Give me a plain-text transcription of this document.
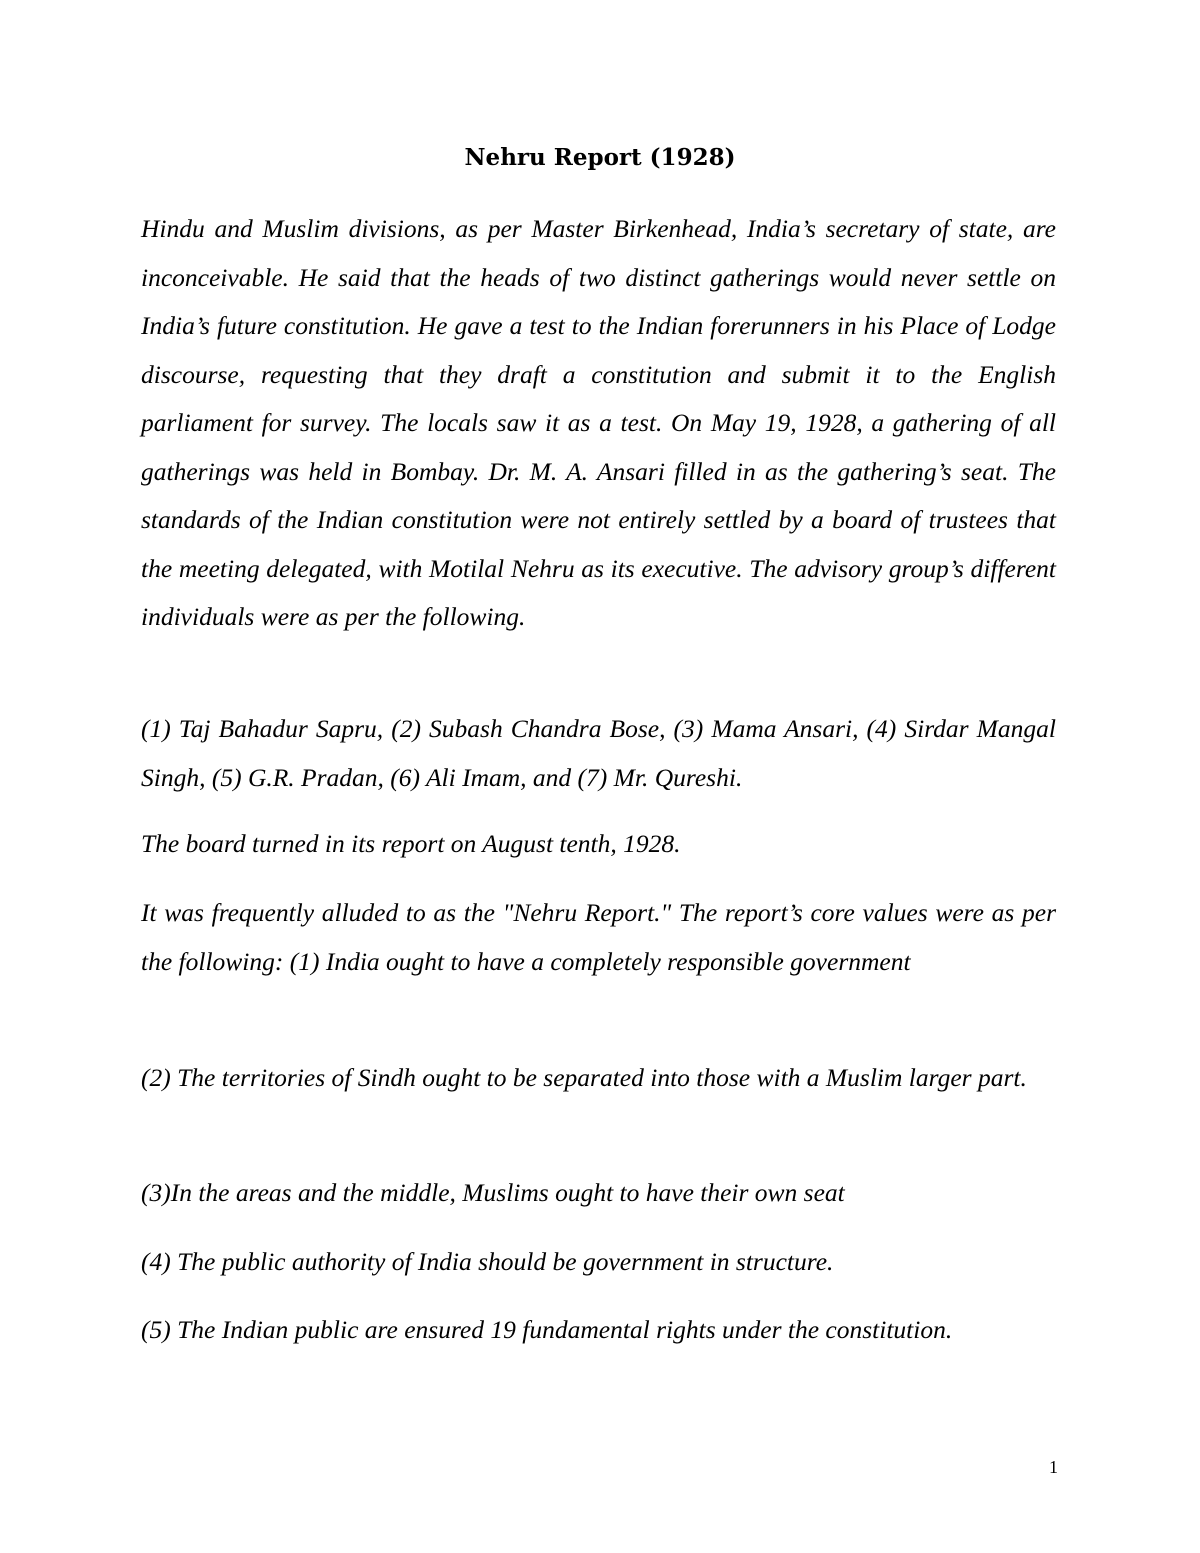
Nehru Report (1928)

Hindu and Muslim divisions, as per Master Birkenhead, India’s secretary of state, are inconceivable. He said that the heads of two distinct gatherings would never settle on India’s future constitution. He gave a test to the Indian forerunners in his Place of Lodge discourse, requesting that they draft a constitution and submit it to the English parliament for survey. The locals saw it as a test. On May 19, 1928, a gathering of all gatherings was held in Bombay. Dr. M. A. Ansari filled in as the gathering’s seat. The standards of the Indian constitution were not entirely settled by a board of trustees that the meeting delegated, with Motilal Nehru as its executive. The advisory group’s different individuals were as per the following.

(1) Taj Bahadur Sapru, (2) Subash Chandra Bose, (3) Mama Ansari, (4) Sirdar Mangal Singh, (5) G.R. Pradan, (6) Ali Imam, and (7) Mr. Qureshi.

The board turned in its report on August tenth, 1928.

It was frequently alluded to as the "Nehru Report." The report’s core values were as per the following: (1) India ought to have a completely responsible government

(2) The territories of Sindh ought to be separated into those with a Muslim larger part.

(3)In the areas and the middle, Muslims ought to have their own seat

(4) The public authority of India should be government in structure.

(5) The Indian public are ensured 19 fundamental rights under the constitution.

1
